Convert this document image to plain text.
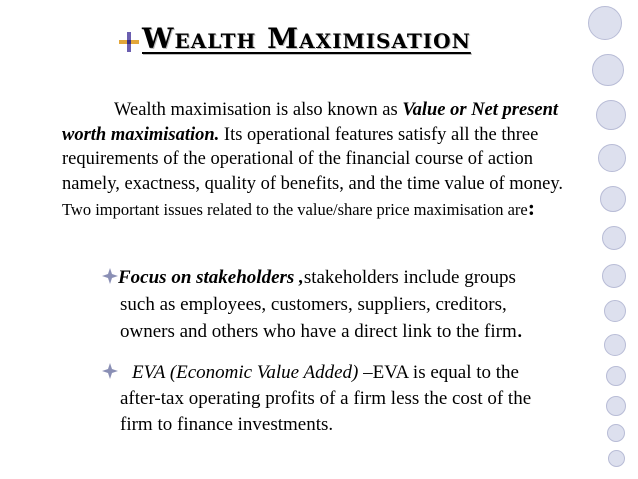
Wealth Maximisation
Wealth maximisation is also known as Value or Net present worth maximisation. Its operational features satisfy all the three requirements of the operational of the financial course of action namely, exactness, quality of benefits, and the time value of money. Two important issues related to the value/share price maximisation are:
Focus on stakeholders ,stakeholders include groups
such as employees, customers, suppliers, creditors,
owners and others who have a direct link to the firm.
EVA (Economic Value Added) –EVA is equal to the
after-tax operating profits of a firm less the cost of the
firm to finance investments.
